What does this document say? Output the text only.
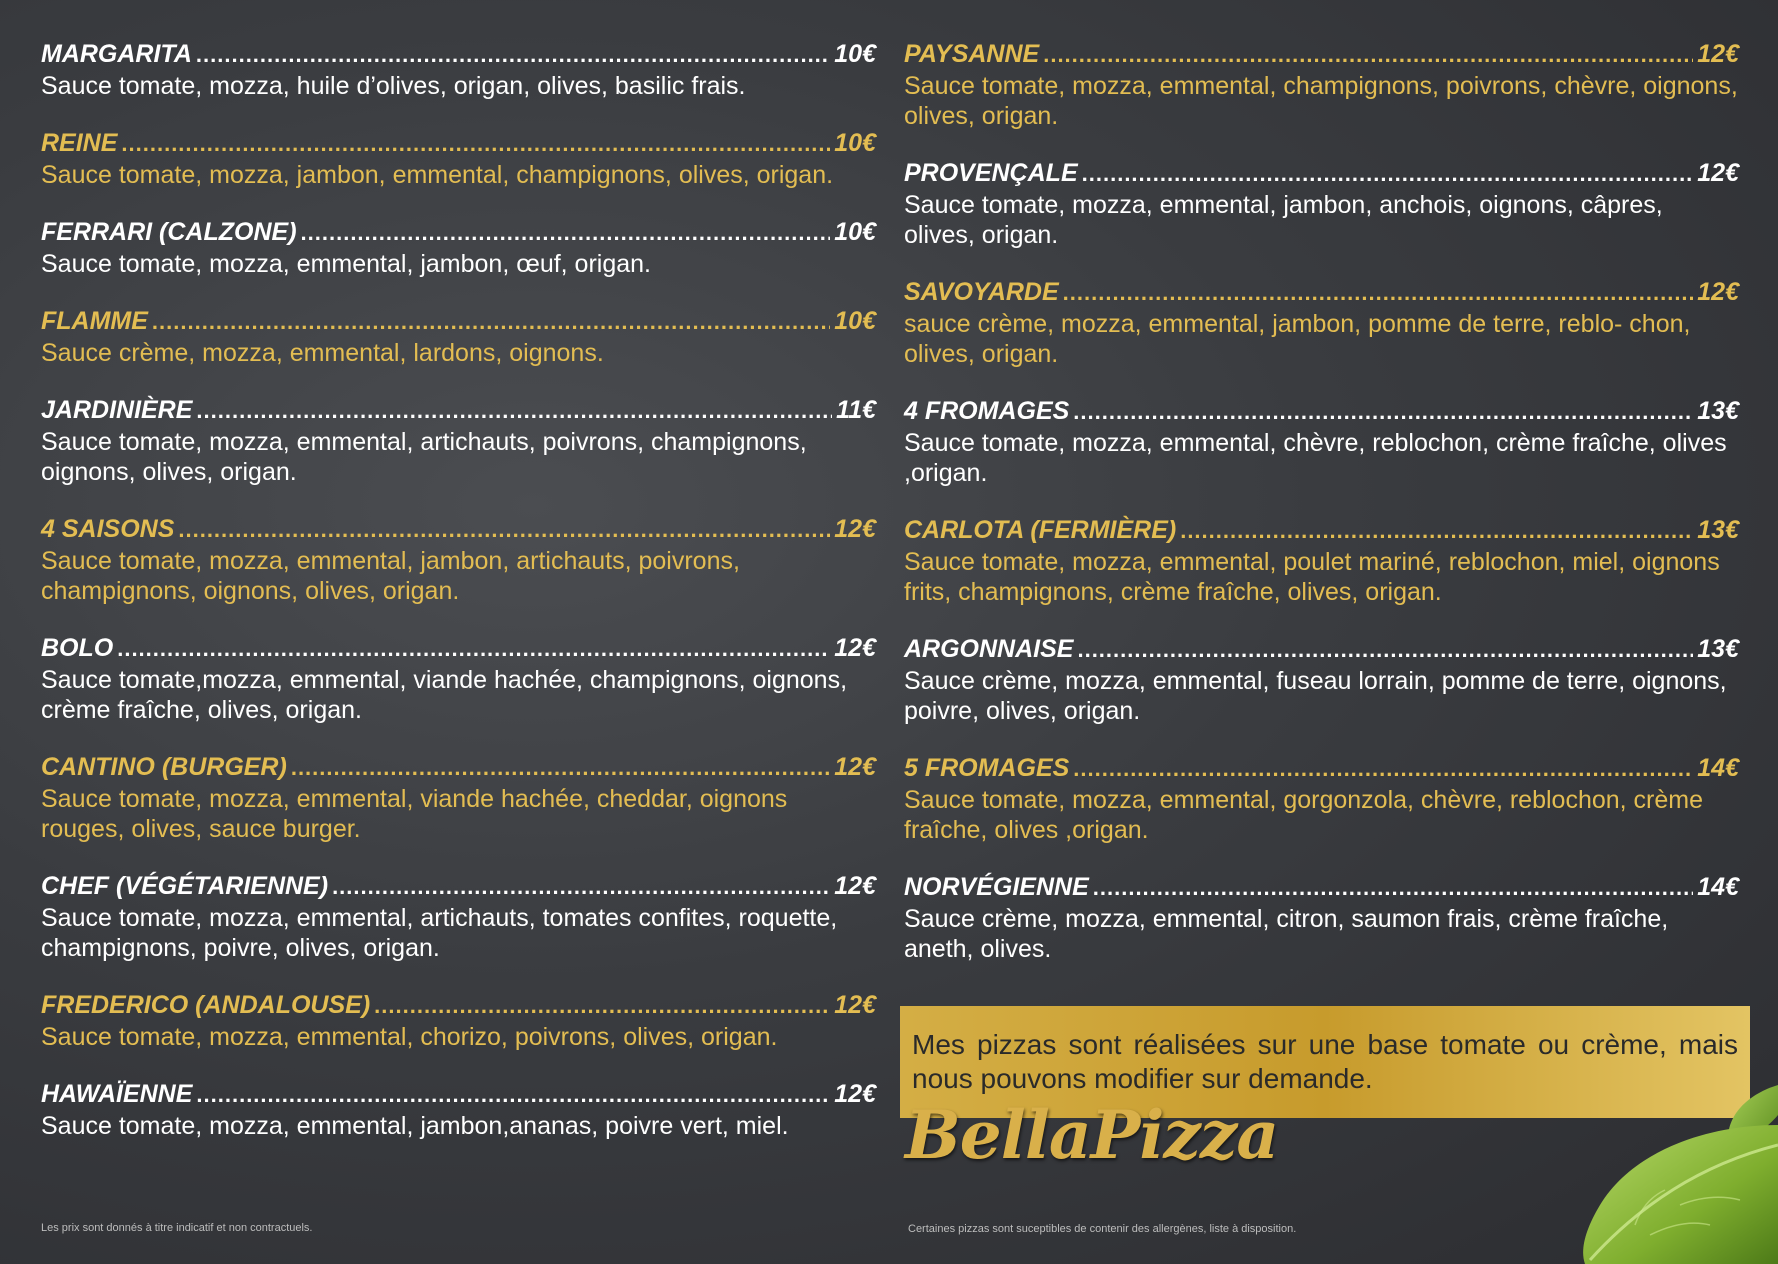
MARGARITA .....	10€
Sauce tomate, mozza, huile d’olives, origan, olives, basilic frais.
REINE .....	10€
Sauce tomate, mozza, jambon, emmental, champignons, olives, origan.
FERRARI (CALZONE) .....	10€
Sauce tomate, mozza, emmental, jambon, œuf, origan.
FLAMME .....	10€
Sauce crème, mozza, emmental, lardons, oignons.
JARDINIÈRE .....	11€
Sauce tomate, mozza, emmental, artichauts, poivrons, champignons, oignons, olives, origan.
4 SAISONS .....	12€
Sauce tomate, mozza, emmental, jambon, artichauts, poivrons, champignons, oignons, olives, origan.
BOLO .....	12€
Sauce tomate,mozza, emmental, viande hachée, champignons, oignons, crème fraîche, olives, origan.
CANTINO (BURGER) .....	12€
Sauce tomate, mozza, emmental, viande hachée, cheddar, oignons rouges, olives, sauce burger.
CHEF (VÉGÉTARIENNE) .....	12€
Sauce tomate, mozza, emmental, artichauts, tomates confites, roquette, champignons, poivre, olives, origan.
FREDERICO (ANDALOUSE) .....	12€
Sauce tomate, mozza, emmental, chorizo, poivrons, olives, origan.
HAWAÏENNE .....	12€
Sauce tomate, mozza, emmental, jambon,ananas, poivre vert, miel.
PAYSANNE .....	12€
Sauce tomate, mozza, emmental, champignons, poivrons, chèvre, oignons, olives, origan.
PROVENÇALE .....	12€
Sauce tomate, mozza, emmental, jambon, anchois, oignons, câpres, olives, origan.
SAVOYARDE .....	12€
sauce crème, mozza, emmental, jambon, pomme de terre, reblo- chon, olives, origan.
4 FROMAGES .....	13€
Sauce tomate, mozza, emmental, chèvre, reblochon, crème fraîche, olives ,origan.
CARLOTA (FERMIÈRE) .....	13€
Sauce tomate, mozza, emmental, poulet mariné, reblochon, miel, oignons frits, champignons, crème fraîche, olives, origan.
ARGONNAISE .....	13€
Sauce crème, mozza, emmental, fuseau lorrain, pomme de terre, oignons, poivre, olives, origan.
5 FROMAGES .....	14€
Sauce tomate, mozza, emmental, gorgonzola, chèvre, reblochon, crème fraîche, olives ,origan.
NORVÉGIENNE .....	14€
Sauce crème, mozza, emmental, citron, saumon frais, crème fraîche, aneth, olives.
Mes pizzas sont réalisées sur une base tomate ou crème, mais nous pouvons modifier sur demande.
BellaPizza
Les prix sont donnés à titre indicatif et non contractuels.	Certaines pizzas sont suceptibles de contenir des allergènes, liste à disposition.
